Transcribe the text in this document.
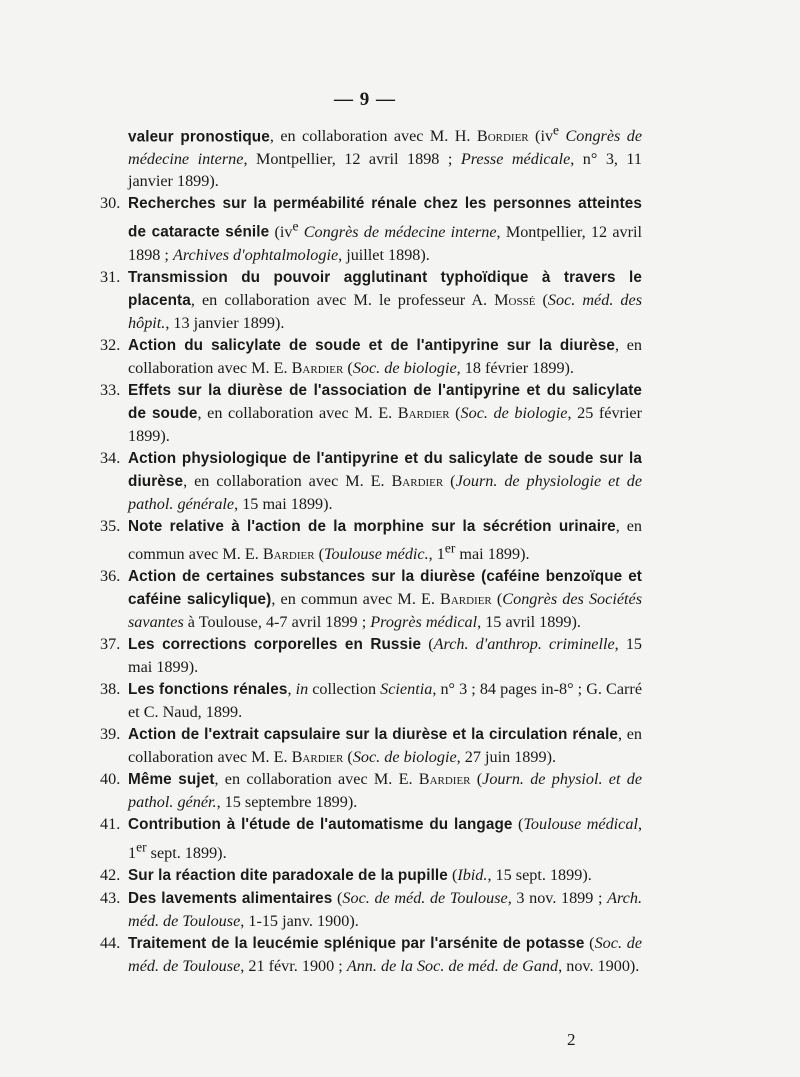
— 9 —
valeur pronostique, en collaboration avec M. H. Bordier ($iv^e$ Congrès de médecine interne, Montpellier, 12 avril 1898 ; Presse médicale, n° 3, 11 janvier 1899).
30. Recherches sur la perméabilité rénale chez les personnes atteintes de cataracte sénile ($iv^e$ Congrès de médecine interne, Montpellier, 12 avril 1898 ; Archives d'ophtalmologie, juillet 1898).
31. Transmission du pouvoir agglutinant typhoïdique à travers le placenta, en collaboration avec M. le professeur A. Mossé (Soc. méd. des hôpit., 13 janvier 1899).
32. Action du salicylate de soude et de l'antipyrine sur la diurèse, en collaboration avec M. E. Bardier (Soc. de biologie, 18 février 1899).
33. Effets sur la diurèse de l'association de l'antipyrine et du salicylate de soude, en collaboration avec M. E. Bardier (Soc. de biologie, 25 février 1899).
34. Action physiologique de l'antipyrine et du salicylate de soude sur la diurèse, en collaboration avec M. E. Bardier (Journ. de physiologie et de pathol. générale, 15 mai 1899).
35. Note relative à l'action de la morphine sur la sécrétion urinaire, en commun avec M. E. Bardier (Toulouse médic., 1er mai 1899).
36. Action de certaines substances sur la diurèse (caféine benzoïque et caféine salicylique), en commun avec M. E. Bardier (Congrès des Sociétés savantes à Toulouse, 4-7 avril 1899 ; Progrès médical, 15 avril 1899).
37. Les corrections corporelles en Russie (Arch. d'anthrop. criminelle, 15 mai 1899).
38. Les fonctions rénales, in collection Scientia, n° 3 ; 84 pages in-8° ; G. Carré et C. Naud, 1899.
39. Action de l'extrait capsulaire sur la diurèse et la circulation rénale, en collaboration avec M. E. Bardier (Soc. de biologie, 27 juin 1899).
40. Même sujet, en collaboration avec M. E. Bardier (Journ. de physiol. et de pathol. génér., 15 septembre 1899).
41. Contribution à l'étude de l'automatisme du langage (Toulouse médical, 1er sept. 1899).
42. Sur la réaction dite paradoxale de la pupille (Ibid., 15 sept. 1899).
43. Des lavements alimentaires (Soc. de méd. de Toulouse, 3 nov. 1899 ; Arch. méd. de Toulouse, 1-15 janv. 1900).
44. Traitement de la leucémie splénique par l'arsénite de potasse (Soc. de méd. de Toulouse, 21 févr. 1900 ; Ann. de la Soc. de méd. de Gand, nov. 1900).
2
